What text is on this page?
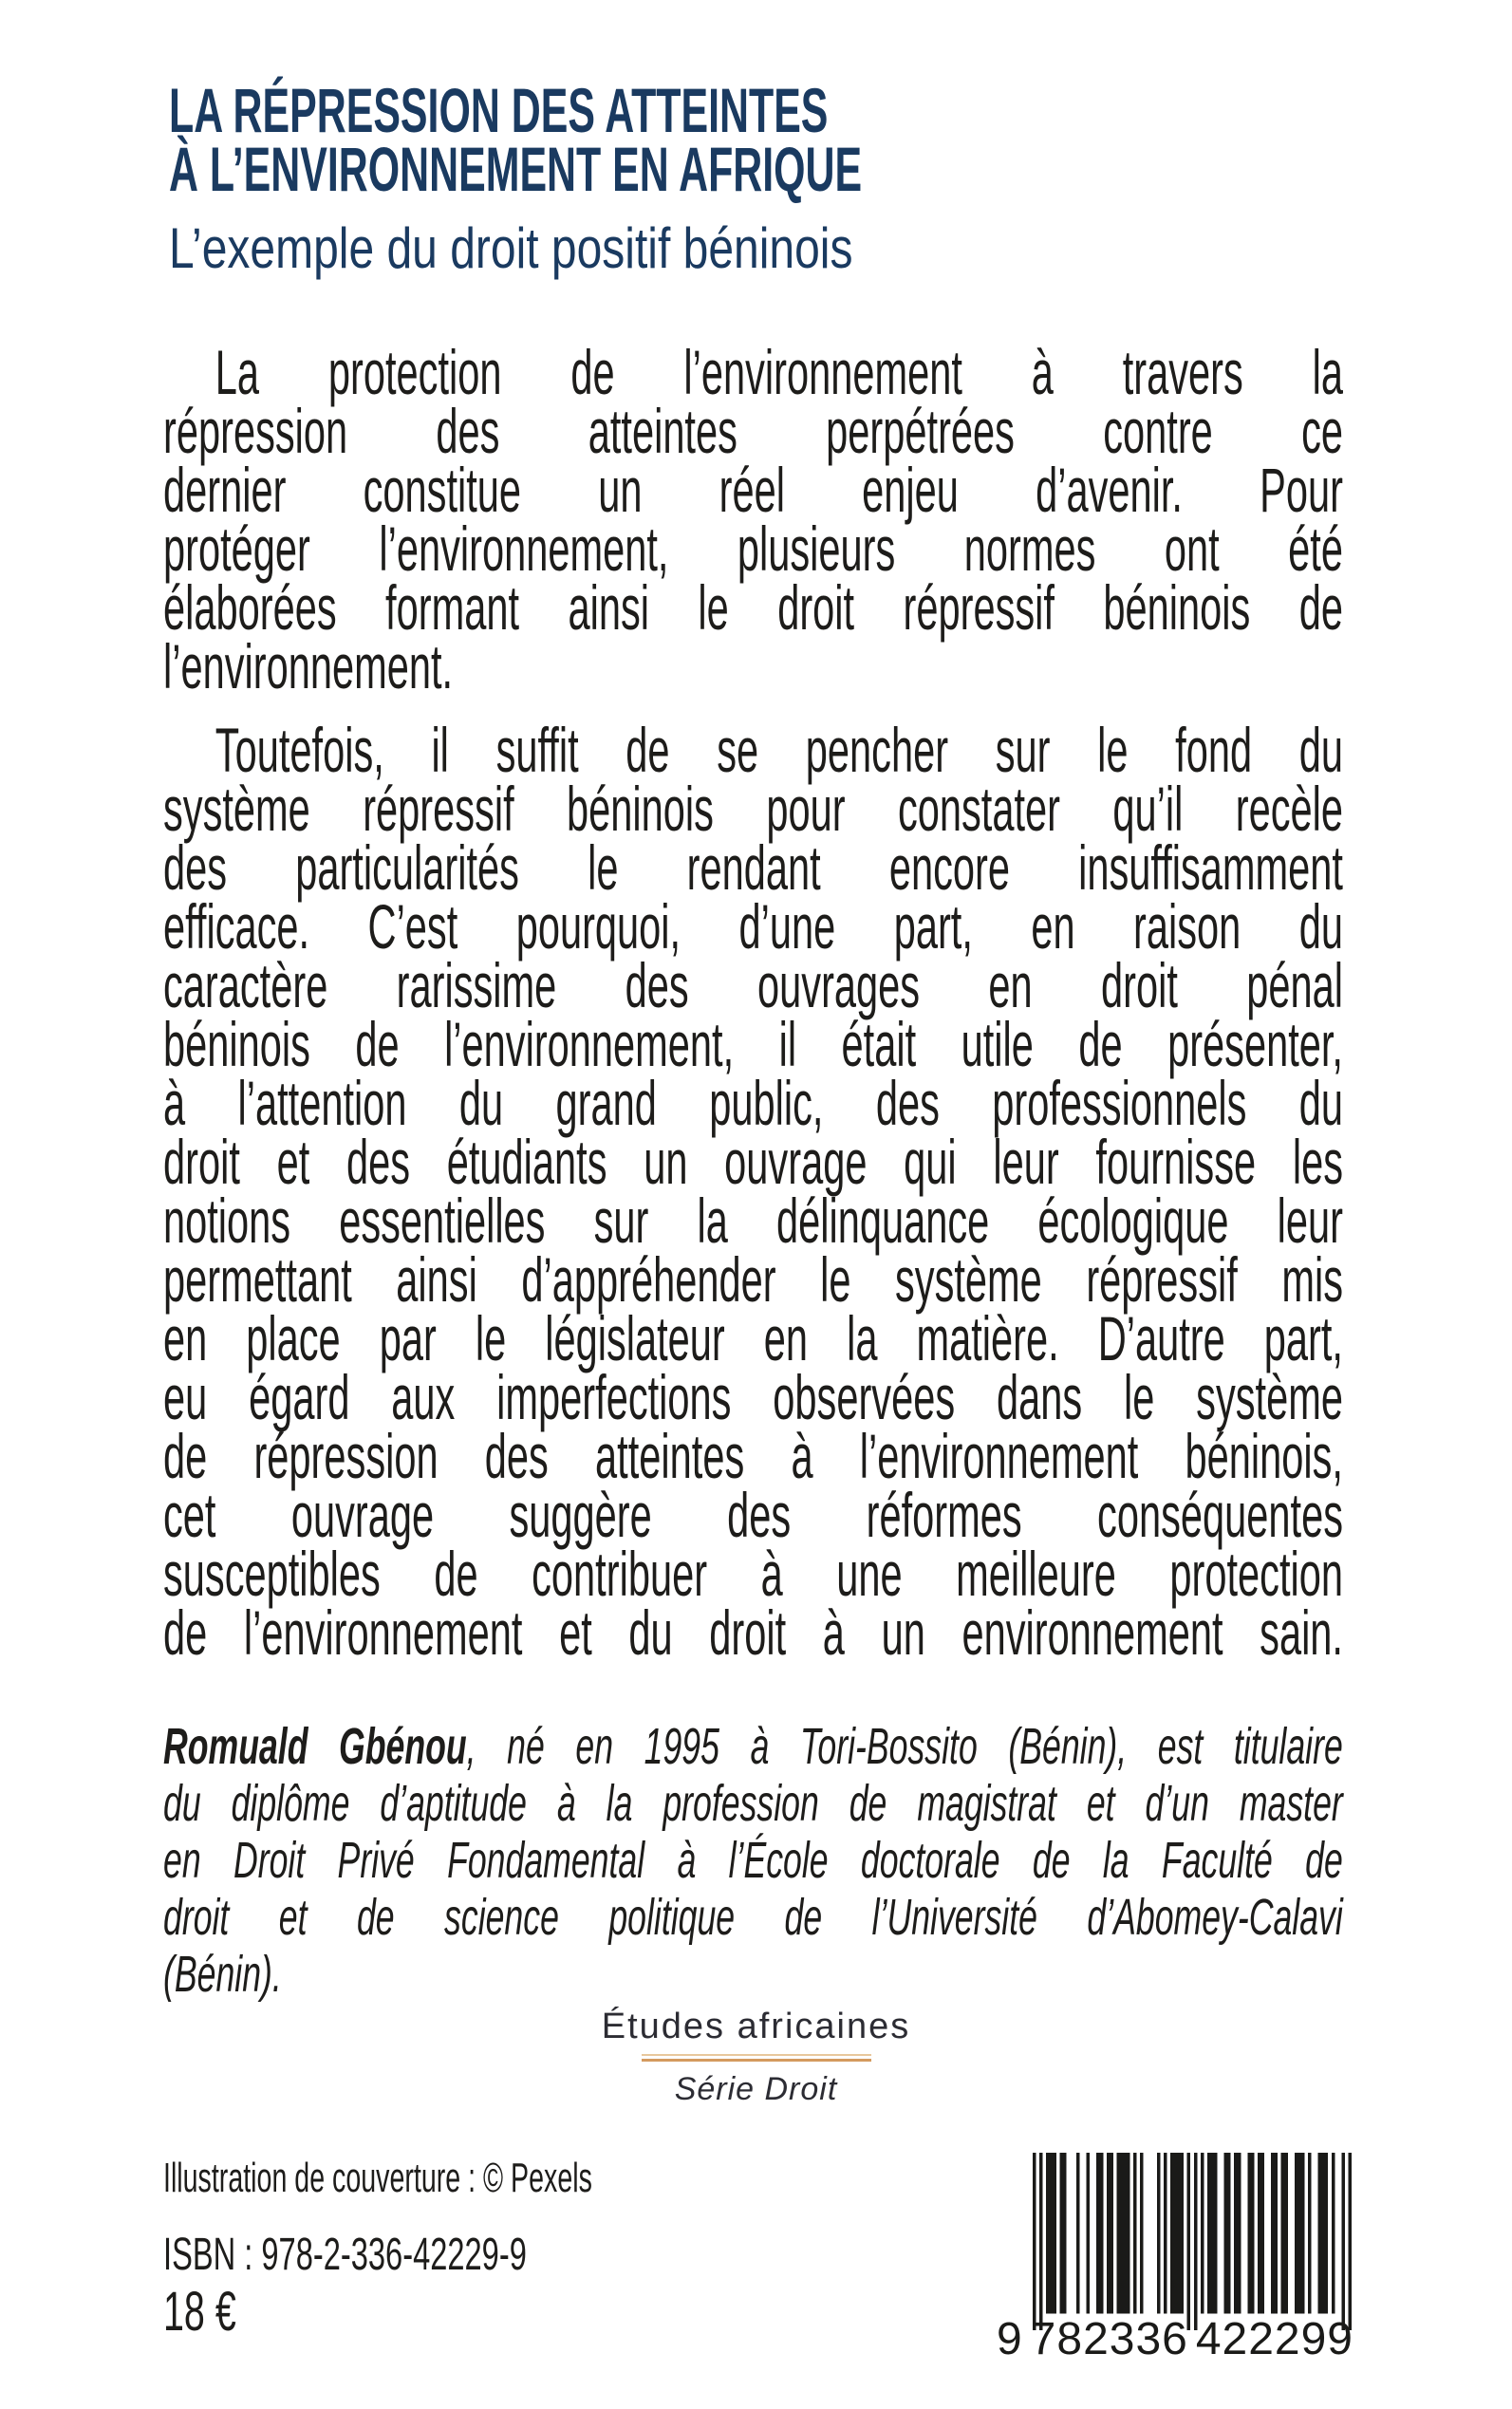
LA RÉPRESSION DES ATTEINTES
À L’ENVIRONNEMENT EN AFRIQUE
L’exemple du droit positif béninois
La protection de l’environnement à travers la
répression des atteintes perpétrées contre ce
dernier constitue un réel enjeu d’avenir. Pour
protéger l’environnement, plusieurs normes ont été
élaborées formant ainsi le droit répressif béninois de
l’environnement.
Toutefois, il suffit de se pencher sur le fond du
système répressif béninois pour constater qu’il recèle
des particularités le rendant encore insuffisamment
efficace. C’est pourquoi, d’une part, en raison du
caractère rarissime des ouvrages en droit pénal
béninois de l’environnement, il était utile de présenter,
à l’attention du grand public, des professionnels du
droit et des étudiants un ouvrage qui leur fournisse les
notions essentielles sur la délinquance écologique leur
permettant ainsi d’appréhender le système répressif mis
en place par le législateur en la matière. D’autre part,
eu égard aux imperfections observées dans le système
de répression des atteintes à l’environnement béninois,
cet ouvrage suggère des réformes conséquentes
susceptibles de contribuer à une meilleure protection
de l’environnement et du droit à un environnement sain.
Romuald Gbénou, né en 1995 à Tori-Bossito (Bénin), est titulaire
du diplôme d’aptitude à la profession de magistrat et d’un master
en Droit Privé Fondamental à l’École doctorale de la Faculté de
droit et de science politique de l’Université d’Abomey-Calavi
(Bénin).
Études africaines
Série Droit
Illustration de couverture : © Pexels
ISBN : 978-2-336-42229-9
18 €	9 782336 422299
